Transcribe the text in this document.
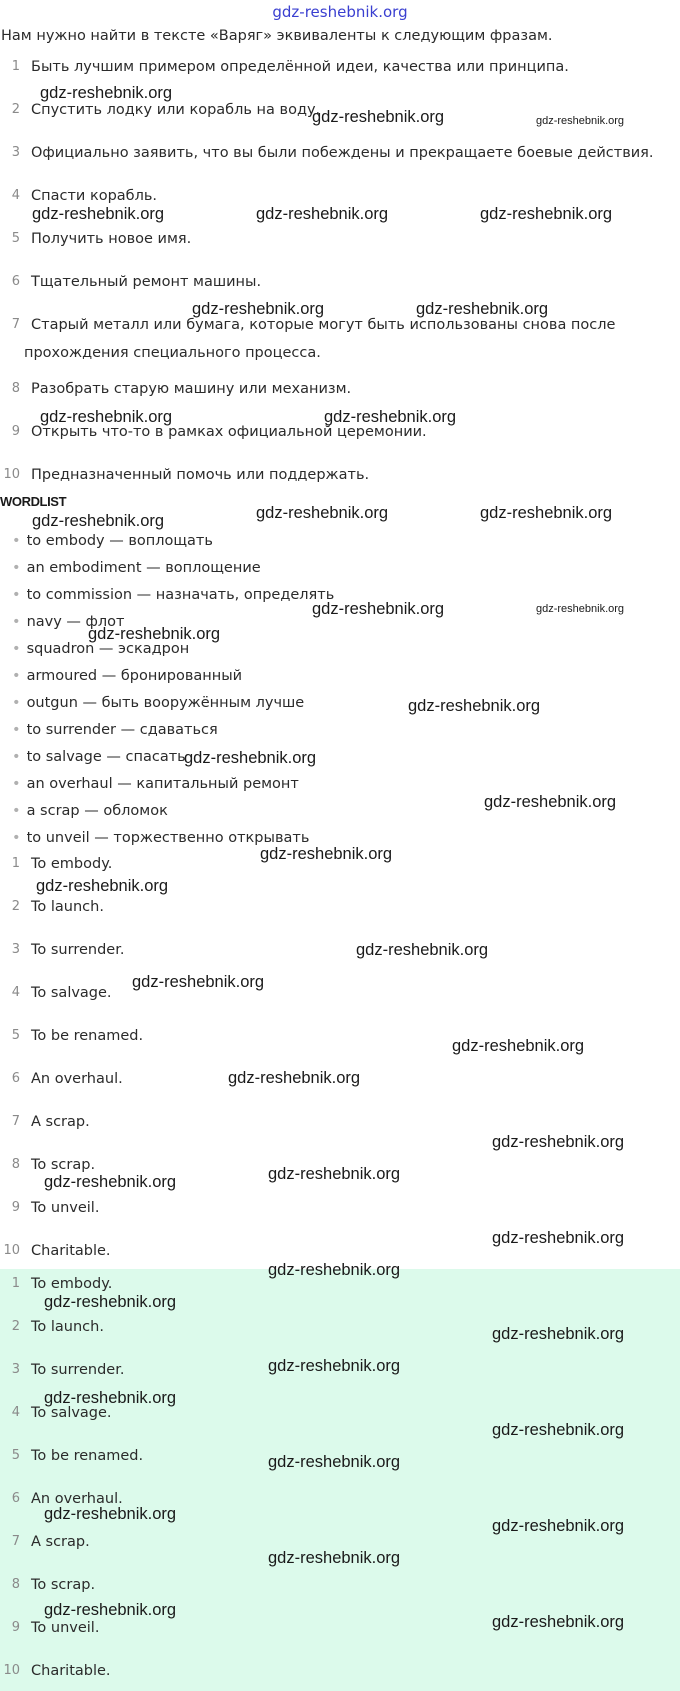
gdz-reshebnik.org
Нам нужно найти в тексте «Варяг» эквиваленты к следующим фразам.
1 Быть лучшим примером определённой идеи, качества или принципа.
2 Спустить лодку или корабль на воду.
3 Официально заявить, что вы были побеждены и прекращаете боевые действия.
4 Спасти корабль.
5 Получить новое имя.
6 Тщательный ремонт машины.
7 Старый металл или бумага, которые могут быть использованы снова после
прохождения специального процесса.
8 Разобрать старую машину или механизм.
9 Открыть что-то в рамках официальной церемонии.
10 Предназначенный помочь или поддержать.
WORDLIST
• to embody — воплощать
• an embodiment — воплощение
• to commission — назначать, определять
• navy — флот
• squadron — эскадрон
• armoured — бронированный
• outgun — быть вооружённым лучше
• to surrender — сдаваться
• to salvage — спасать
• an overhaul — капитальный ремонт
• a scrap — обломок
• to unveil — торжественно открывать
1 To embody.
2 To launch.
3 To surrender.
4 To salvage.
5 To be renamed.
6 An overhaul.
7 A scrap.
8 To scrap.
9 To unveil.
10 Charitable.
1 To embody.
2 To launch.
3 To surrender.
4 To salvage.
5 To be renamed.
6 An overhaul.
7 A scrap.
8 To scrap.
9 To unveil.
10 Charitable.
gdz-reshebnik.org
gdz-reshebnik.org	gdz-reshebnik.org
gdz-reshebnik.org	gdz-reshebnik.org	gdz-reshebnik.org
gdz-reshebnik.org	gdz-reshebnik.org
gdz-reshebnik.org	gdz-reshebnik.org
gdz-reshebnik.org	gdz-reshebnik.org	gdz-reshebnik.org
gdz-reshebnik.org	gdz-reshebnik.org
gdz-reshebnik.org
gdz-reshebnik.org
gdz-reshebnik.org
gdz-reshebnik.org
gdz-reshebnik.org
gdz-reshebnik.org
gdz-reshebnik.org
gdz-reshebnik.org
gdz-reshebnik.org
gdz-reshebnik.org
gdz-reshebnik.org
gdz-reshebnik.org
gdz-reshebnik.org
gdz-reshebnik.org
gdz-reshebnik.org
gdz-reshebnik.org
gdz-reshebnik.org
gdz-reshebnik.org
gdz-reshebnik.org
gdz-reshebnik.org
gdz-reshebnik.org
gdz-reshebnik.org
gdz-reshebnik.org
gdz-reshebnik.org
gdz-reshebnik.org
gdz-reshebnik.org
